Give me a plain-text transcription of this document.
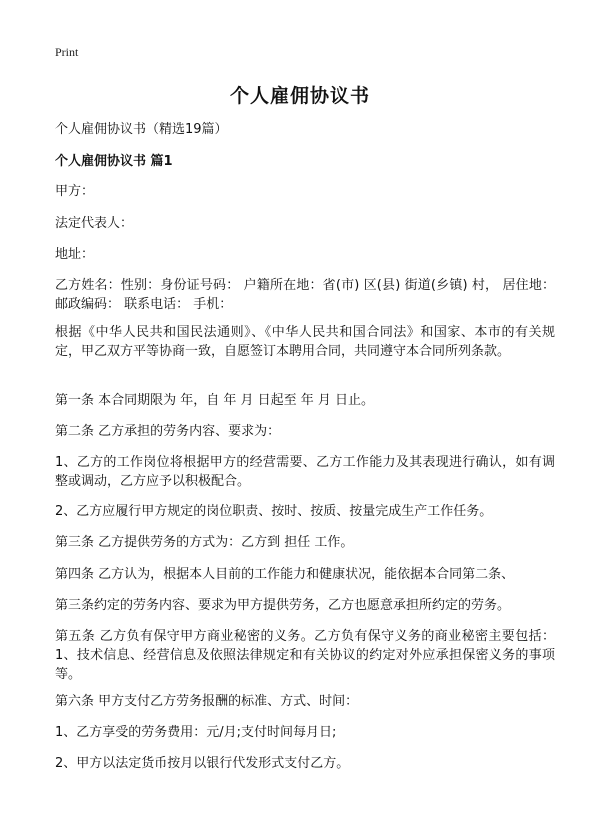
Print
个人雇佣协议书
个人雇佣协议书（精选19篇）
个人雇佣协议书 篇1
甲方：
法定代表人：
地址：
乙方姓名：性别：身份证号码： 户籍所在地：省(市) 区(县) 街道(乡镇) 村， 居住地： 邮政编码： 联系电话： 手机：
根据《中华人民共和国民法通则》、《中华人民共和国合同法》和国家、本市的有关规定，甲乙双方平等协商一致，自愿签订本聘用合同，共同遵守本合同所列条款。
第一条 本合同期限为 年，自 年 月 日起至 年 月 日止。
第二条 乙方承担的劳务内容、要求为：
1、乙方的工作岗位将根据甲方的经营需要、乙方工作能力及其表现进行确认，如有调整或调动，乙方应予以积极配合。
2、乙方应履行甲方规定的岗位职责、按时、按质、按量完成生产工作任务。
第三条 乙方提供劳务的方式为：乙方到 担任 工作。
第四条 乙方认为，根据本人目前的工作能力和健康状况，能依据本合同第二条、
第三条约定的劳务内容、要求为甲方提供劳务，乙方也愿意承担所约定的劳务。
第五条 乙方负有保守甲方商业秘密的义务。乙方负有保守义务的商业秘密主要包括：1、技术信息、经营信息及依照法律规定和有关协议的约定对外应承担保密义务的事项等。
第六条 甲方支付乙方劳务报酬的标准、方式、时间：
1、乙方享受的劳务费用：元/月;支付时间每月日;
2、甲方以法定货币按月以银行代发形式支付乙方。
